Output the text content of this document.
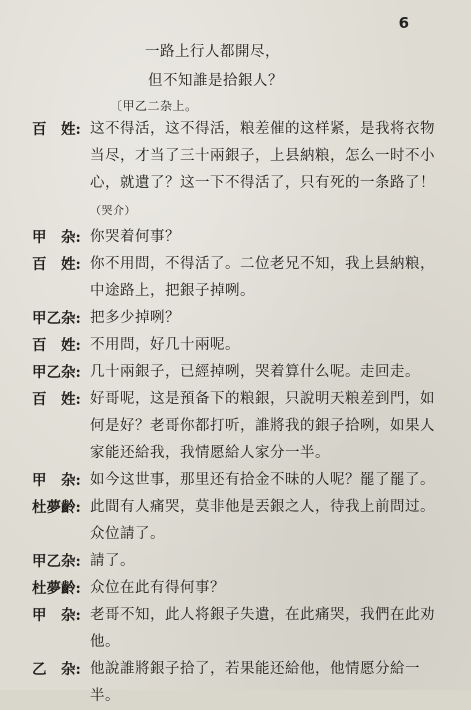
6
一路上行人都開尽，
但不知誰是拾銀人？
〔甲乙二杂上。
百　姓: 这不得活，这不得活，粮差催的这样紧，是我将衣物当尽，才当了三十兩銀子，上县納粮，怎么一时不小心，就遺了？这一下不得活了，只有死的一条路了！（哭介）
甲　杂: 你哭着何事？
百　姓: 你不用問，不得活了。二位老兄不知，我上县納粮，中途路上，把銀子掉咧。
甲乙杂: 把多少掉咧？
百　姓: 不用問，好几十兩呢。
甲乙杂: 几十兩銀子，已經掉咧，哭着算什么呢。走回走。
百　姓: 好哥呢，这是預备下的粮銀，只說明天粮差到門，如何是好？老哥你都打听，誰將我的銀子拾咧，如果人家能还給我，我情愿給人家分一半。
甲　杂: 如今这世事，那里还有拾金不昧的人呢？罷了罷了。
杜夢齡: 此間有人痛哭，莫非他是丟銀之人，待我上前問过。众位請了。
甲乙杂: 請了。
杜夢齡: 众位在此有得何事？
甲　杂: 老哥不知，此人将銀子失遺，在此痛哭，我們在此劝他。
乙　杂: 他說誰將銀子拾了，若果能还給他，他情愿分給一半。
